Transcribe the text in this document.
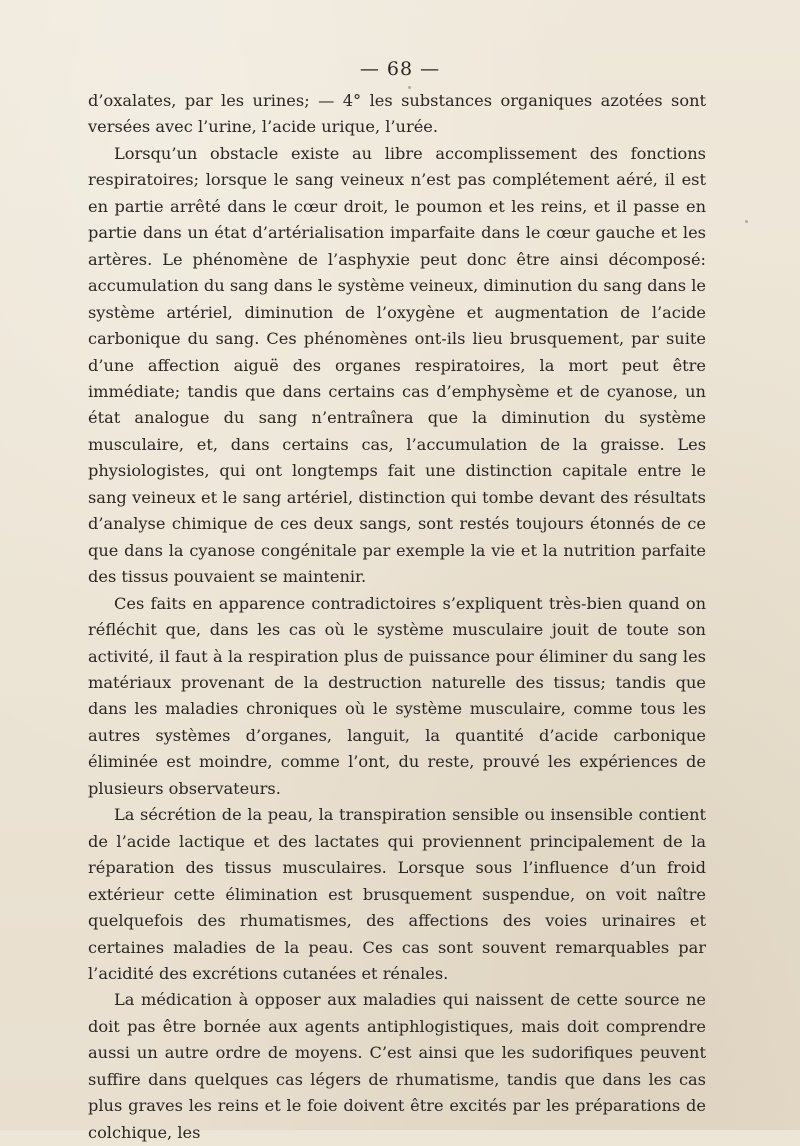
— 68 —

d’oxalates, par les urines; — 4° les substances organiques azotées sont versées avec l’urine, l’acide urique, l’urée.

Lorsqu’un obstacle existe au libre accomplissement des fonctions respiratoires; lorsque le sang veineux n’est pas complétement aéré, il est en partie arrêté dans le cœur droit, le poumon et les reins, et il passe en partie dans un état d’artérialisation imparfaite dans le cœur gauche et les artères. Le phénomène de l’asphyxie peut donc être ainsi décomposé: accumulation du sang dans le système veineux, diminution du sang dans le système artériel, diminution de l’oxygène et augmentation de l’acide carbonique du sang. Ces phénomènes ont-ils lieu brusquement, par suite d’une affection aiguë des organes respiratoires, la mort peut être immédiate; tandis que dans certains cas d’emphysème et de cyanose, un état analogue du sang n’entraînera que la diminution du système musculaire, et, dans certains cas, l’accumulation de la graisse. Les physiologistes, qui ont longtemps fait une distinction capitale entre le sang veineux et le sang artériel, distinction qui tombe devant des résultats d’analyse chimique de ces deux sangs, sont restés toujours étonnés de ce que dans la cyanose congénitale par exemple la vie et la nutrition parfaite des tissus pouvaient se maintenir.

Ces faits en apparence contradictoires s’expliquent très-bien quand on réfléchit que, dans les cas où le système musculaire jouit de toute son activité, il faut à la respiration plus de puissance pour éliminer du sang les matériaux provenant de la destruction naturelle des tissus; tandis que dans les maladies chroniques où le système musculaire, comme tous les autres systèmes d’organes, languit, la quantité d’acide carbonique éliminée est moindre, comme l’ont, du reste, prouvé les expériences de plusieurs observateurs.

La sécrétion de la peau, la transpiration sensible ou insensible contient de l’acide lactique et des lactates qui proviennent principalement de la réparation des tissus musculaires. Lorsque sous l’influence d’un froid extérieur cette élimination est brusquement suspendue, on voit naître quelquefois des rhumatismes, des affections des voies urinaires et certaines maladies de la peau. Ces cas sont souvent remarquables par l’acidité des excrétions cutanées et rénales.

La médication à opposer aux maladies qui naissent de cette source ne doit pas être bornée aux agents antiphlogistiques, mais doit comprendre aussi un autre ordre de moyens. C’est ainsi que les sudorifiques peuvent suffire dans quelques cas légers de rhumatisme, tandis que dans les cas plus graves les reins et le foie doivent être excités par les préparations de colchique, les
